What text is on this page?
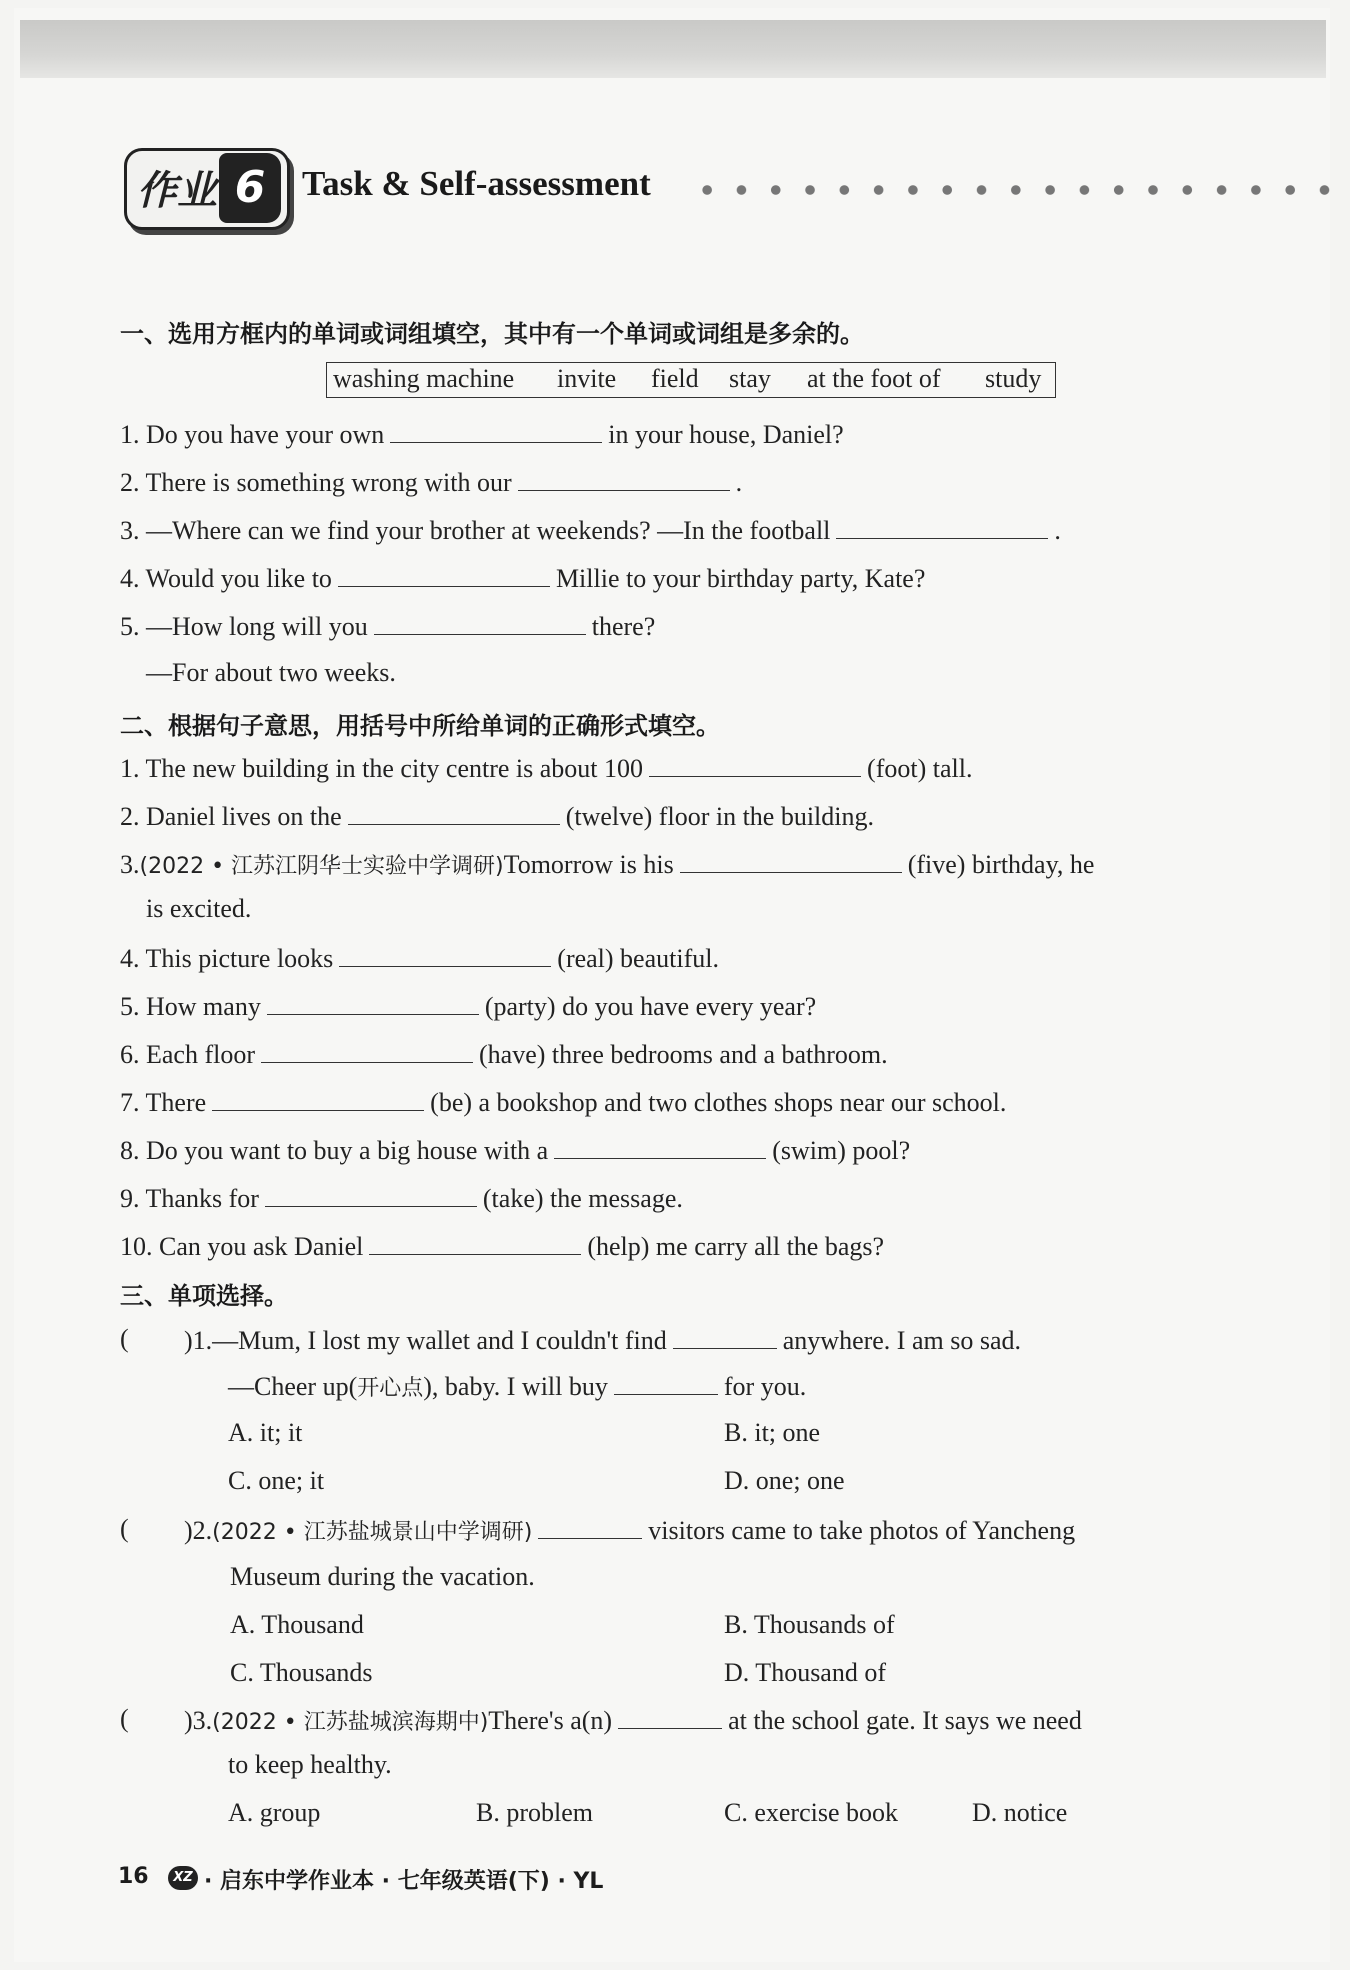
作业 6	Task & Self-assessment
一、选用方框内的单词或词组填空，其中有一个单词或词组是多余的。
washing machine invite field stay at the foot of study
1. Do you have your own	in your house, Daniel?
2. There is something wrong with our	.
3. —Where can we find your brother at weekends? —In the football	.
4. Would you like to	Millie to your birthday party, Kate?
5. —How long will you	there?
—For about two weeks.
二、根据句子意思，用括号中所给单词的正确形式填空。
1. The new building in the city centre is about 100	(foot) tall.
2. Daniel lives on the	(twelve) floor in the building.
3.(2022 • 江苏江阴华士实验中学调研)Tomorrow is his	(five) birthday, he
is excited.
4. This picture looks	(real) beautiful.
5. How many	(party) do you have every year?
6. Each floor	(have) three bedrooms and a bathroom.
7. There	(be) a bookshop and two clothes shops near our school.
8. Do you want to buy a big house with a	(swim) pool?
9. Thanks for	(take) the message.
10. Can you ask Daniel	(help) me carry all the bags?
三、单项选择。
( )1.—Mum, I lost my wallet and I couldn't find	anywhere. I am so sad.
—Cheer up(开心点), baby. I will buy	for you.
A. it; it	B. it; one
C. one; it	D. one; one
( )2.(2022 • 江苏盐城景山中学调研)	visitors came to take photos of Yancheng
Museum during the vacation.
A. Thousand	B. Thousands of
C. Thousands	D. Thousand of
( )3.(2022 • 江苏盐城滨海期中)There's a(n)	at the school gate. It says we need
to keep healthy.
A. group	B. problem	C. exercise book	D. notice
16	XZ · 启东中学作业本 · 七年级英语(下) · YL
